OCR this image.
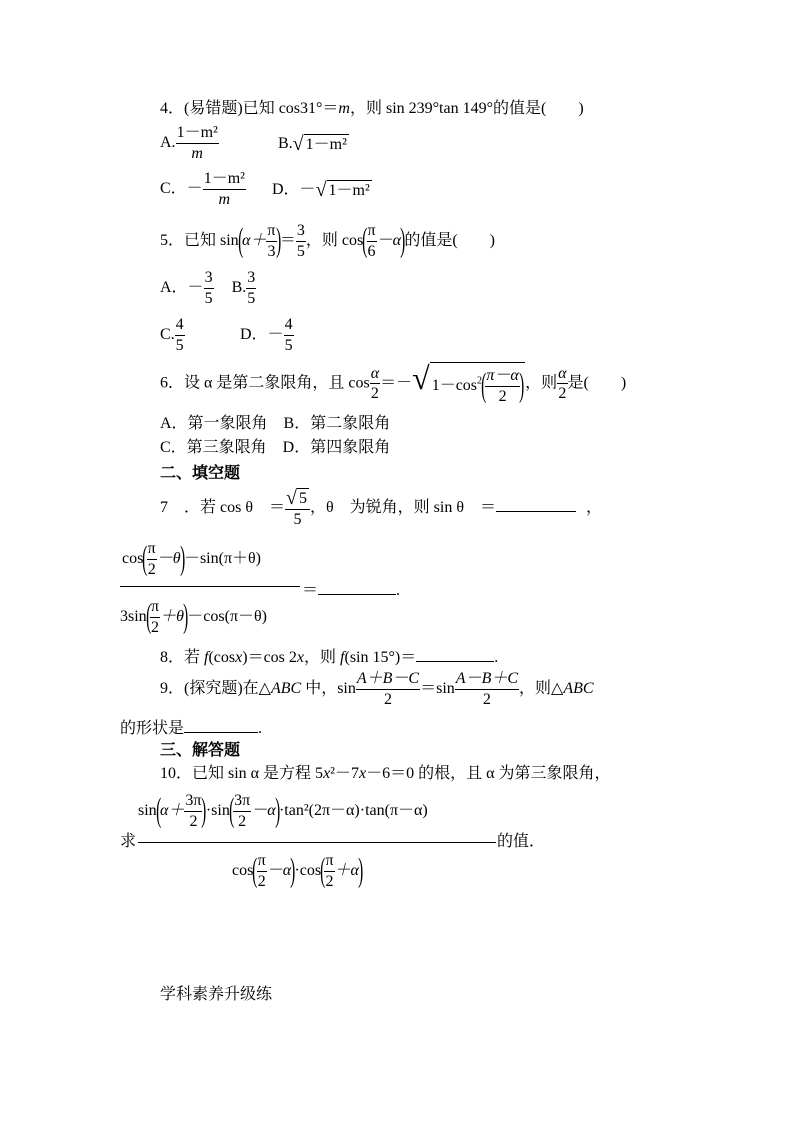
4．(易错题)已知 cos31°＝m，则 sin 239°tan 149°的值是(　　)
A. $\frac{\text{1－m²}}{m}$	B. √ 1－m²
C．－ $\frac{\text{1－m²}}{m}$ D．－ √ 1－m²
5．已知 $\sin(\alpha+ \frac{\pi}{3}$ )＝ $\frac{3}{5}$ ，则 $\cos( \frac{\pi}{6} -\alpha)$的值是(　　)
A．－ $\frac{3}{5} B$. $\frac{3}{5}$
C. $\frac{4}{5}$	D．－ $\frac{4}{5}$
6．设 α 是第二象限角，且 $\cos \frac{\alpha}{2}$ ＝－ √ $1-\cos^2( \frac{\pi-\alpha}{2}$ ) ，则 $\frac{\alpha}{2}$ 是(　　)
A．第一象限角　B．第二象限角
C．第三象限角　D．第四象限角
二、填空题
7　．若 cos θ　＝ $\frac{√ 5}{5}$ ，θ　为锐角，则 sin θ　＝	，
$\cos( \frac{\pi}{2} -\theta)-\sin(\pi+\theta)$
＝	.
$3\sin( \frac{\pi}{2} +\theta)-\cos(\pi-\theta)$
8．若 f(cosx)＝cos 2x，则 f(sin 15°)＝	.
9．(探究题)在△ABC 中，$\sin \frac{A+B-C}{2} =\sin \frac{A-B+C}{2}$ ，则△ABC
的形状是	.
三、解答题
10．已知 sin α 是方程 5x²－7x－6＝0 的根，且 α 为第三象限角，
$\sin(\alpha+ \frac{3\pi}{2} )\cdot\sin( \frac{3\pi}{2} -\alpha)\cdot\tan^2(2\pi-\alpha)\cdot\tan(\pi-\alpha)$
求	的值．
$\cos( \frac{\pi}{2} -\alpha)\cdot\cos( \frac{\pi}{2} +\alpha)$
学科素养升级练
